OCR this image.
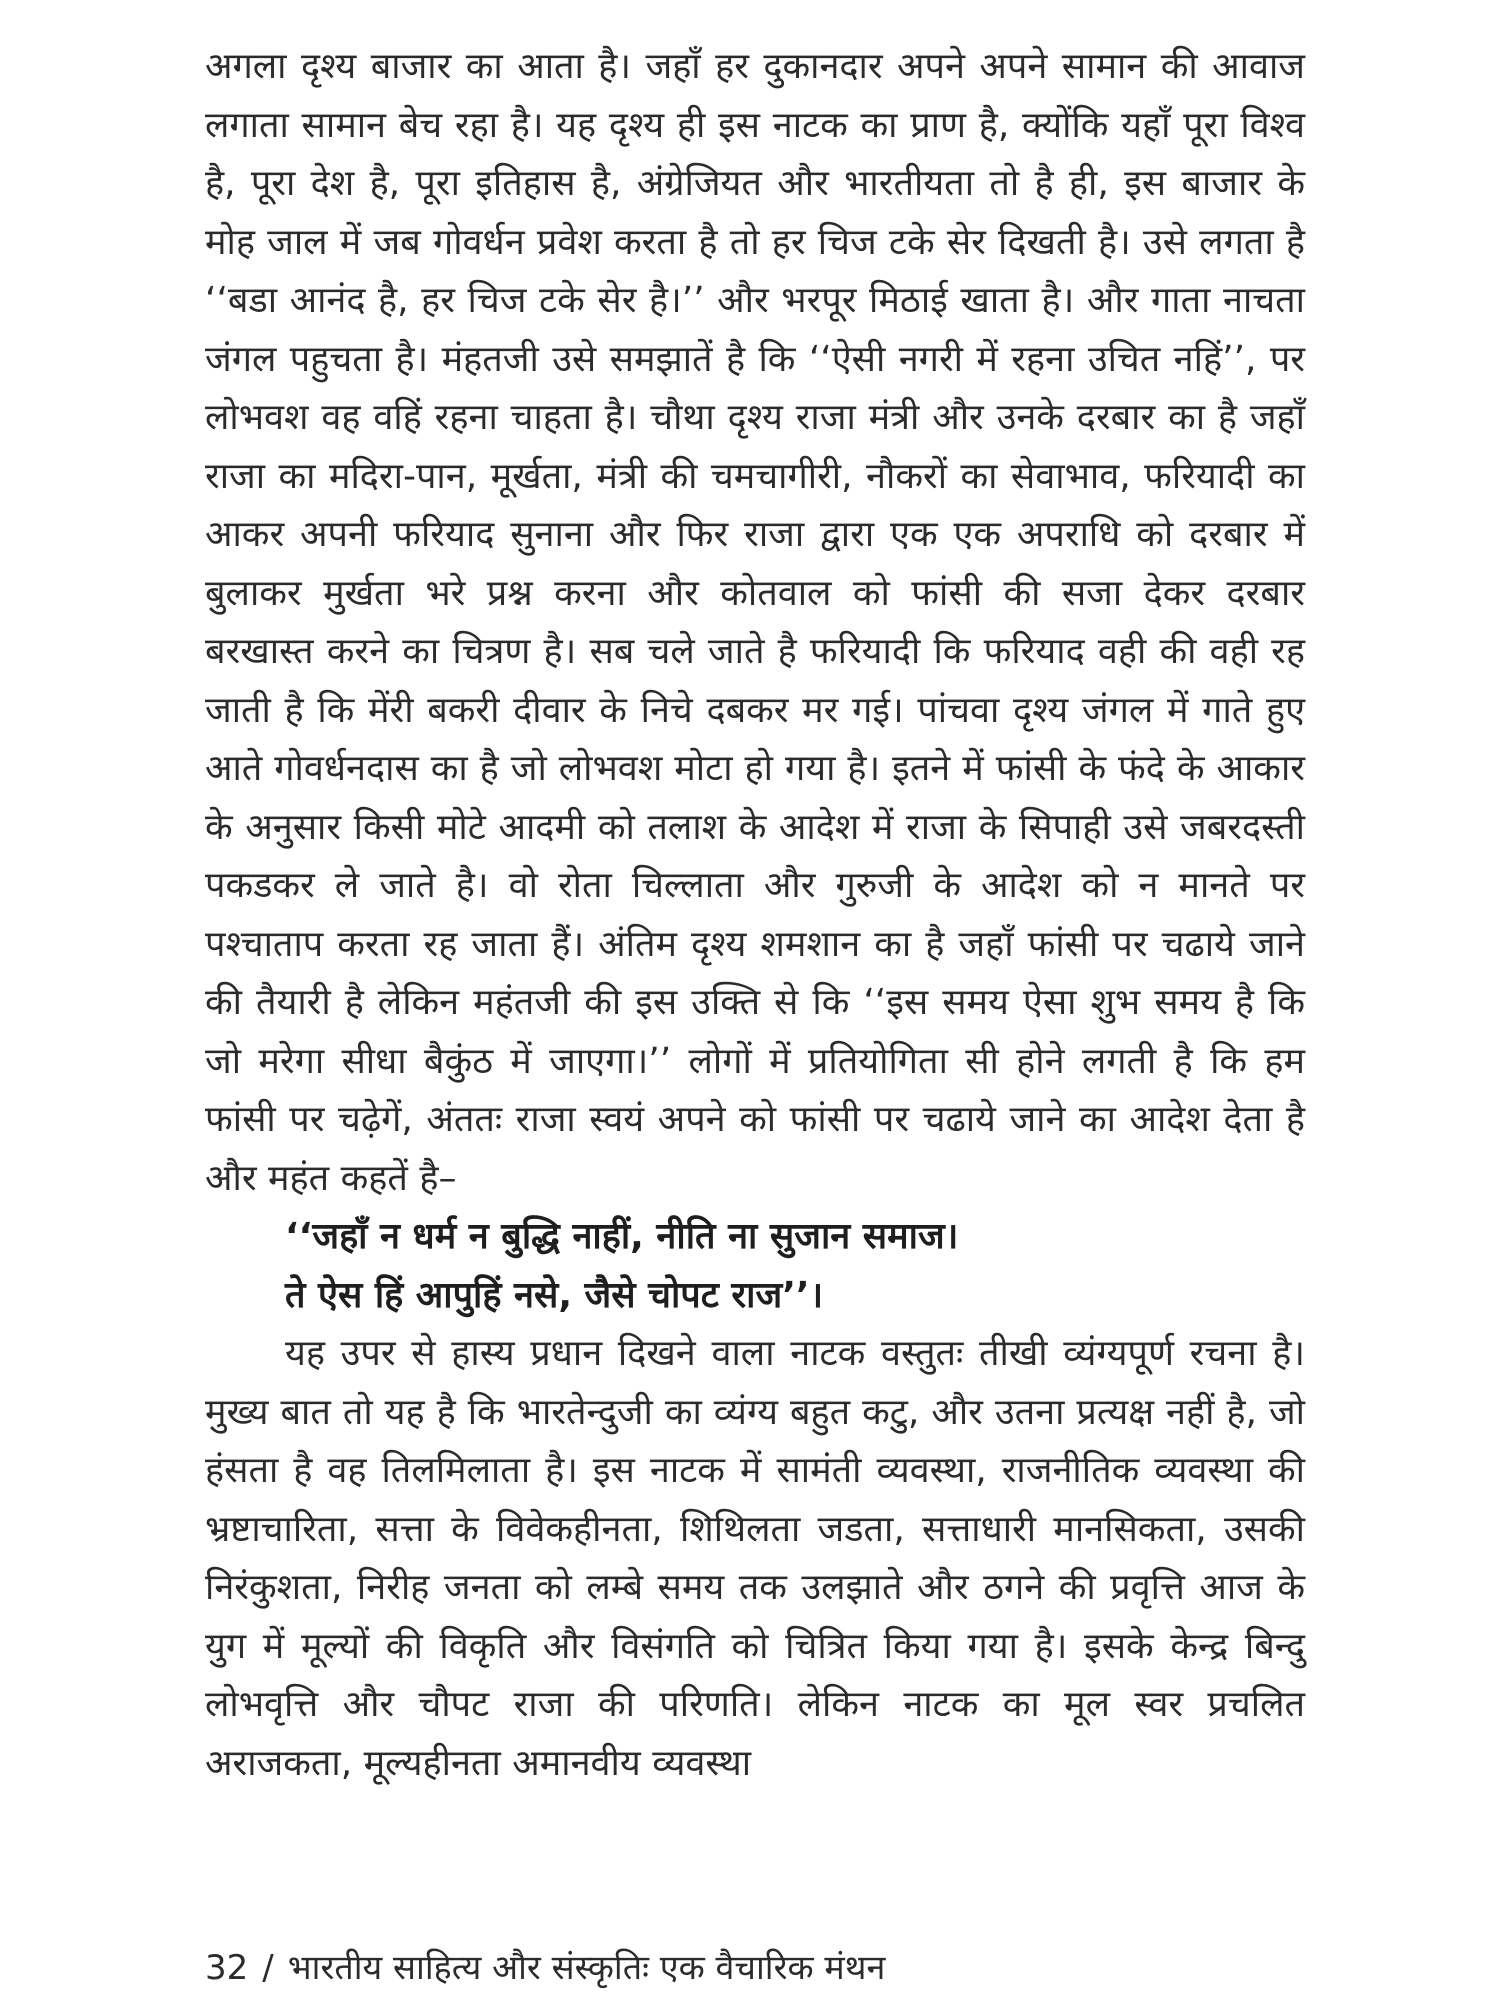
अगला दृश्य बाजार का आता है। जहाँ हर दुकानदार अपने अपने सामान की आवाज लगाता सामान बेच रहा है। यह दृश्य ही इस नाटक का प्राण है, क्योंकि यहाँ पूरा विश्व है, पूरा देश है, पूरा इतिहास है, अंग्रेजियत और भारतीयता तो है ही, इस बाजार के मोह जाल में जब गोवर्धन प्रवेश करता है तो हर चिज टके सेर दिखती है। उसे लगता है ‘‘बडा आनंद है, हर चिज टके सेर है।’’ और भरपूर मिठाई खाता है। और गाता नाचता जंगल पहुचता है। मंहतजी उसे समझातें है कि ‘‘ऐसी नगरी में रहना उचित नहिं’’, पर लोभवश वह वहिं रहना चाहता है। चौथा दृश्य राजा मंत्री और उनके दरबार का है जहाँ राजा का मदिरा-पान, मूर्खता, मंत्री की चमचागीरी, नौकरों का सेवाभाव, फरियादी का आकर अपनी फरियाद सुनाना और फिर राजा द्वारा एक एक अपराधि को दरबार में बुलाकर मुर्खता भरे प्रश्न करना और कोतवाल को फांसी की सजा देकर दरबार बरखास्त करने का चित्रण है। सब चले जाते है फरियादी कि फरियाद वही की वही रह जाती है कि मेंरी बकरी दीवार के निचे दबकर मर गई। पांचवा दृश्य जंगल में गाते हुए आते गोवर्धनदास का है जो लोभवश मोटा हो गया है। इतने में फांसी के फंदे के आकार के अनुसार किसी मोटे आदमी को तलाश के आदेश में राजा के सिपाही उसे जबरदस्ती पकडकर ले जाते है। वो रोता चिल्लाता और गुरुजी के आदेश को न मानते पर पश्चाताप करता रह जाता हैं। अंतिम दृश्य शमशान का है जहाँ फांसी पर चढाये जाने की तैयारी है लेकिन महंतजी की इस उक्ति से कि ‘‘इस समय ऐसा शुभ समय है कि जो मरेगा सीधा बैकुंठ में जाएगा।’’ लोगों में प्रतियोगिता सी होने लगती है कि हम फांसी पर चढ़ेगें, अंततः राजा स्वयं अपने को फांसी पर चढाये जाने का आदेश देता है और महंत कहतें है–

‘‘जहाँ न धर्म न बुद्धि नाहीं, नीति ना सुजान समाज।
ते ऐस हिं आपुहिं नसे, जैसे चोपट राज’’।

यह उपर से हास्य प्रधान दिखने वाला नाटक वस्तुतः तीखी व्यंग्यपूर्ण रचना है। मुख्य बात तो यह है कि भारतेन्दुजी का व्यंग्य बहुत कटु, और उतना प्रत्यक्ष नहीं है, जो हंसता है वह तिलमिलाता है। इस नाटक में सामंती व्यवस्था, राजनीतिक व्यवस्था की भ्रष्टाचारिता, सत्ता के विवेकहीनता, शिथिलता जडता, सत्ताधारी मानसिकता, उसकी निरंकुशता, निरीह जनता को लम्बे समय तक उलझाते और ठगने की प्रवृत्ति आज के युग में मूल्यों की विकृति और विसंगति को चित्रित किया गया है। इसके केन्द्र बिन्दु लोभवृत्ति और चौपट राजा की परिणति। लेकिन नाटक का मूल स्वर प्रचलित अराजकता, मूल्यहीनता अमानवीय व्यवस्था

32 / भारतीय साहित्य और संस्कृतिः एक वैचारिक मंथन
